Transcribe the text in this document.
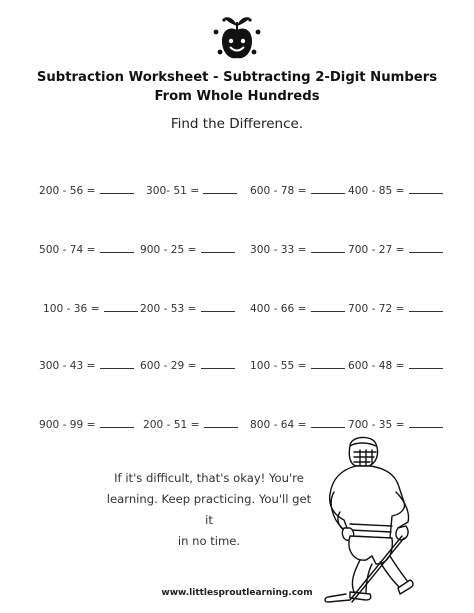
Subtraction Worksheet - Subtracting 2-Digit Numbers
From Whole Hundreds
Find the Difference.
200 - 56 =	300- 51 =	600 - 78 =	400 - 85 =
500 - 74 =	900 - 25 =	300 - 33 =	700 - 27 =
100 - 36 =	200 - 53 =	400 - 66 =	700 - 72 =
300 - 43 =	600 - 29 =	100 - 55 =	600 - 48 =
900 - 99 =	200 - 51 =	800 - 64 =	700 - 35 =
If it's difficult, that's okay! You're
learning. Keep practicing. You'll get it
in no time.
www.littlesproutlearning.com
